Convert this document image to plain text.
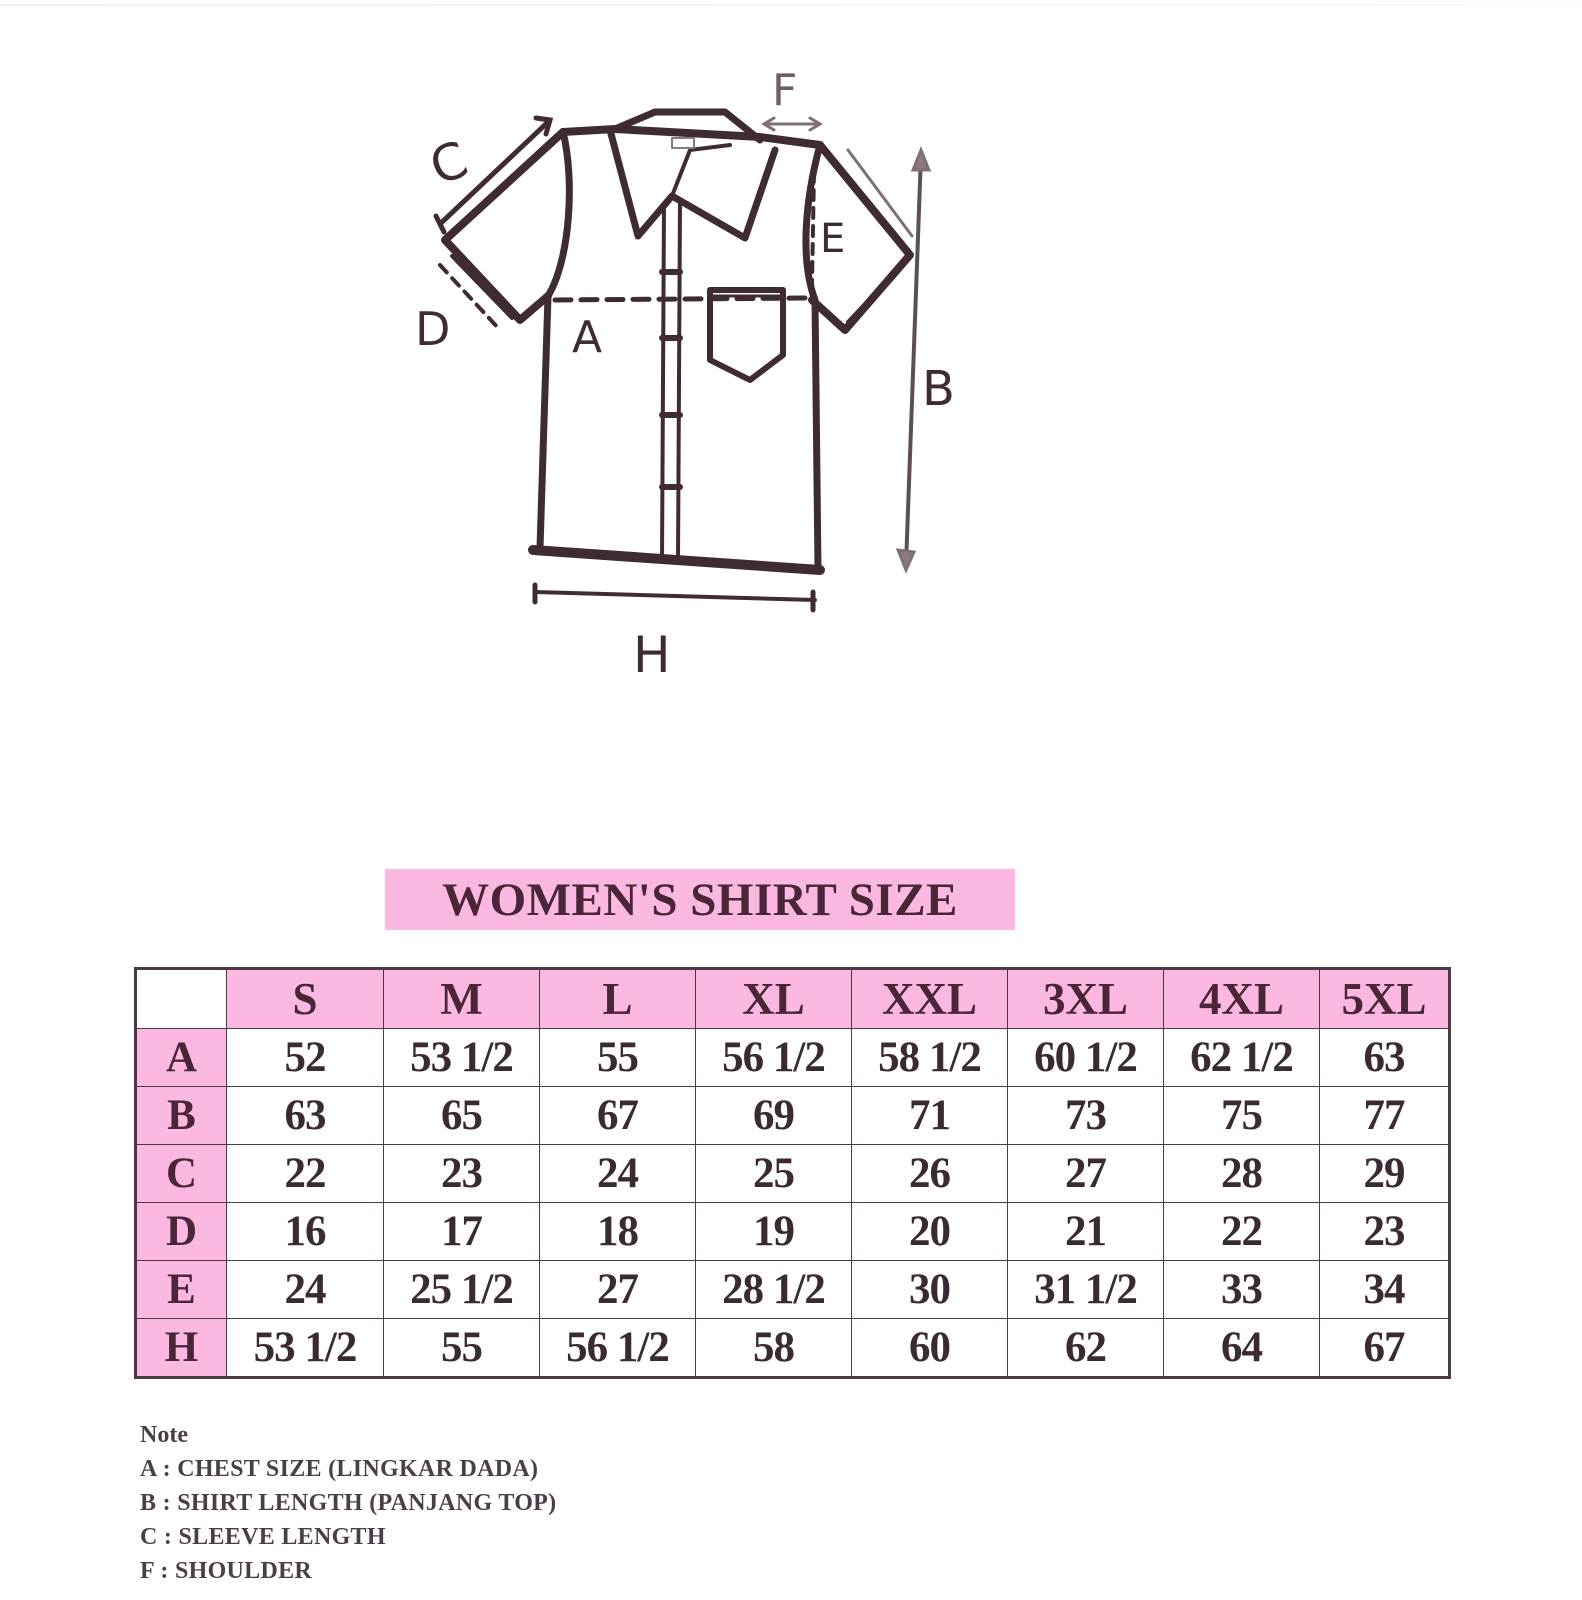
C
D	A
E
F
B
H
WOMEN'S SHIRT SIZE
	S	M	L	XL	XXL	3XL	4XL	5XL
A	52	53 1/2	55	56 1/2	58 1/2	60 1/2	62 1/2	63
B	63	65	67	69	71	73	75	77
C	22	23	24	25	26	27	28	29
D	16	17	18	19	20	21	22	23
E	24	25 1/2	27	28 1/2	30	31 1/2	33	34
H	53 1/2	55	56 1/2	58	60	62	64	67
Note
A : CHEST SIZE (LINGKAR DADA)
B : SHIRT LENGTH (PANJANG TOP)
C : SLEEVE LENGTH
F : SHOULDER
